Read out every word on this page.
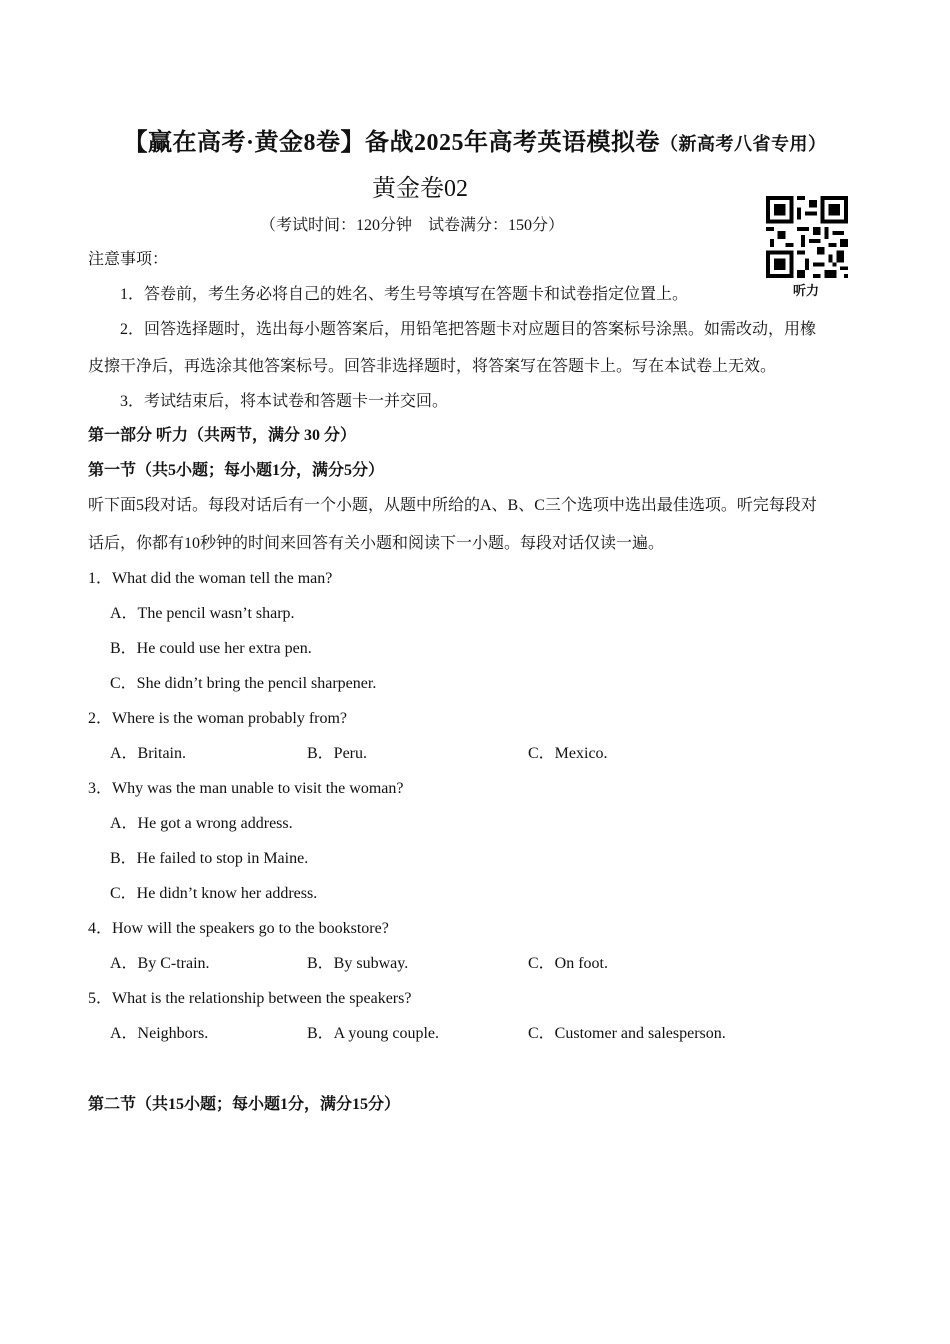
【赢在高考·黄金8卷】备战2025年高考英语模拟卷（新高考八省专用）
黄金卷02
（考试时间：120分钟　试卷满分：150分）
听力
注意事项：
1．答卷前，考生务必将自己的姓名、考生号等填写在答题卡和试卷指定位置上。
2．回答选择题时，选出每小题答案后，用铅笔把答题卡对应题目的答案标号涂黑。如需改动，用橡
皮擦干净后，再选涂其他答案标号。回答非选择题时，将答案写在答题卡上。写在本试卷上无效。
3．考试结束后，将本试卷和答题卡一并交回。
第一部分 听力（共两节，满分 30 分）
第一节（共5小题；每小题1分，满分5分）
听下面5段对话。每段对话后有一个小题，从题中所给的A、B、C三个选项中选出最佳选项。听完每段对
话后，你都有10秒钟的时间来回答有关小题和阅读下一小题。每段对话仅读一遍。
1．What did the woman tell the man?
A．The pencil wasn’t sharp.
B．He could use her extra pen.
C．She didn’t bring the pencil sharpener.
2．Where is the woman probably from?
A．Britain.	B．Peru.	C．Mexico.
3．Why was the man unable to visit the woman?
A．He got a wrong address.
B．He failed to stop in Maine.
C．He didn’t know her address.
4．How will the speakers go to the bookstore?
A．By C-train.	B．By subway.	C．On foot.
5．What is the relationship between the speakers?
A．Neighbors.	B．A young couple.	C．Customer and salesperson.
第二节（共15小题；每小题1分，满分15分）
